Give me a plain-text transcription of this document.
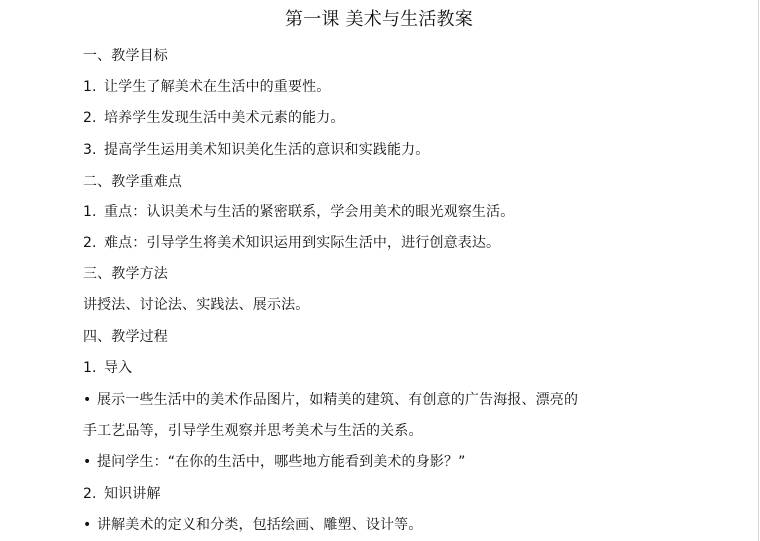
第一课 美术与生活教案
一、教学目标
1. 让学生了解美术在生活中的重要性。
2. 培养学生发现生活中美术元素的能力。
3. 提高学生运用美术知识美化生活的意识和实践能力。
二、教学重难点
1. 重点：认识美术与生活的紧密联系，学会用美术的眼光观察生活。
2. 难点：引导学生将美术知识运用到实际生活中，进行创意表达。
三、教学方法
讲授法、讨论法、实践法、展示法。
四、教学过程
1. 导入
• 展示一些生活中的美术作品图片，如精美的建筑、有创意的广告海报、漂亮的
手工艺品等，引导学生观察并思考美术与生活的关系。
• 提问学生：“在你的生活中，哪些地方能看到美术的身影？”
2. 知识讲解
• 讲解美术的定义和分类，包括绘画、雕塑、设计等。
